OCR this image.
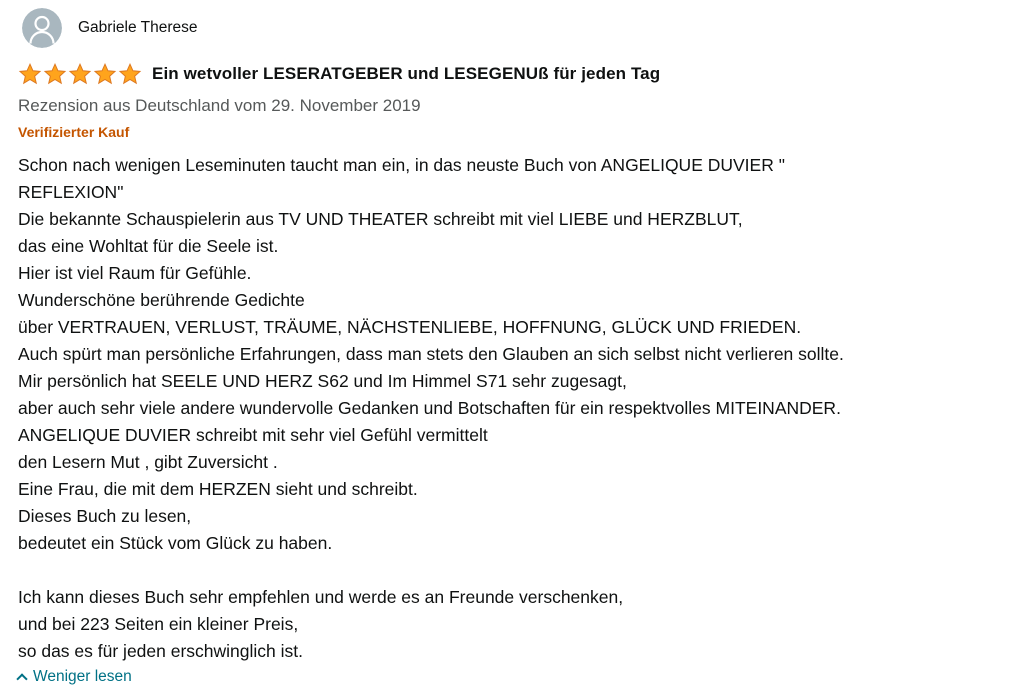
Gabriele Therese
Ein wetvoller LESERATGEBER und LESEGENUß für jeden Tag
Rezension aus Deutschland vom 29. November 2019
Verifizierter Kauf
Schon nach wenigen Leseminuten taucht man ein, in das neuste Buch von ANGELIQUE DUVIER "
REFLEXION"
Die bekannte Schauspielerin aus TV UND THEATER schreibt mit viel LIEBE und HERZBLUT,
das eine Wohltat für die Seele ist.
Hier ist viel Raum für Gefühle.
Wunderschöne berührende Gedichte
über VERTRAUEN, VERLUST, TRÄUME, NÄCHSTENLIEBE, HOFFNUNG, GLÜCK UND FRIEDEN.
Auch spürt man persönliche Erfahrungen, dass man stets den Glauben an sich selbst nicht verlieren sollte.
Mir persönlich hat SEELE UND HERZ S62 und Im Himmel S71 sehr zugesagt,
aber auch sehr viele andere wundervolle Gedanken und Botschaften für ein respektvolles MITEINANDER.
ANGELIQUE DUVIER schreibt mit sehr viel Gefühl vermittelt
den Lesern Mut , gibt Zuversicht .
Eine Frau, die mit dem HERZEN sieht und schreibt.
Dieses Buch zu lesen,
bedeutet ein Stück vom Glück zu haben.
Ich kann dieses Buch sehr empfehlen und werde es an Freunde verschenken,
und bei 223 Seiten ein kleiner Preis,
so das es für jeden erschwinglich ist.
Weniger lesen
